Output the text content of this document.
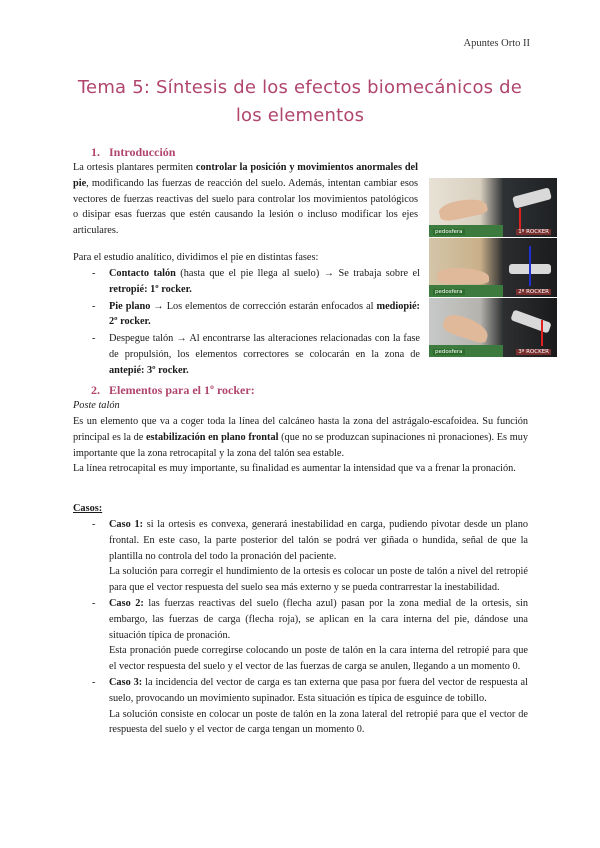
Apuntes Orto II
Tema 5: Síntesis de los efectos biomecánicos de
los elementos
1. Introducción
La ortesis plantares permiten controlar la posición y movimientos anormales del pie, modificando las fuerzas de reacción del suelo. Además, intentan cambiar esos vectores de fuerzas reactivas del suelo para controlar los movimientos patológicos o disipar esas fuerzas que estén causando la lesión o incluso modificar los ejes articulares.
Para el estudio analítico, dividimos el pie en distintas fases:
- Contacto talón (hasta que el pie llega al suelo) → Se trabaja sobre el retropié: 1º rocker.
- Pie plano → Los elementos de corrección estarán enfocados al mediopié: 2º rocker.
- Despegue talón → Al encontrarse las alteraciones relacionadas con la fase de propulsión, los elementos correctores se colocarán en la zona de antepié: 3º rocker.
pedosfera	1º ROCKER
pedosfera	2º ROCKER
pedosfera	3º ROCKER
2. Elementos para el 1º rocker:
Poste talón
Es un elemento que va a coger toda la línea del calcáneo hasta la zona del astrágalo-escafoidea. Su función principal es la de estabilización en plano frontal (que no se produzcan supinaciones ni pronaciones). Es muy importante que la zona retrocapital y la zona del talón sea estable.
La línea retrocapital es muy importante, su finalidad es aumentar la intensidad que va a frenar la pronación.
Casos:

- Caso 1: si la ortesis es convexa, generará inestabilidad en carga, pudiendo pivotar desde un plano frontal. En este caso, la parte posterior del talón se podrá ver giñada o hundida, señal de que la plantilla no controla del todo la pronación del paciente.

La solución para corregir el hundimiento de la ortesis es colocar un poste de talón a nivel del retropié para que el vector respuesta del suelo sea más externo y se pueda contrarrestar la inestabilidad.

- Caso 2: las fuerzas reactivas del suelo (flecha azul) pasan por la zona medial de la ortesis, sin embargo, las fuerzas de carga (flecha roja), se aplican en la cara interna del pie, dándose una situación típica de pronación.

Esta pronación puede corregirse colocando un poste de talón en la cara interna del retropié para que el vector respuesta del suelo y el vector de las fuerzas de carga se anulen, llegando a un momento 0.

- Caso 3: la incidencia del vector de carga es tan externa que pasa por fuera del vector de respuesta al suelo, provocando un movimiento supinador. Esta situación es típica de esguince de tobillo.

La solución consiste en colocar un poste de talón en la zona lateral del retropié para que el vector de respuesta del suelo y el vector de carga tengan un momento 0.
